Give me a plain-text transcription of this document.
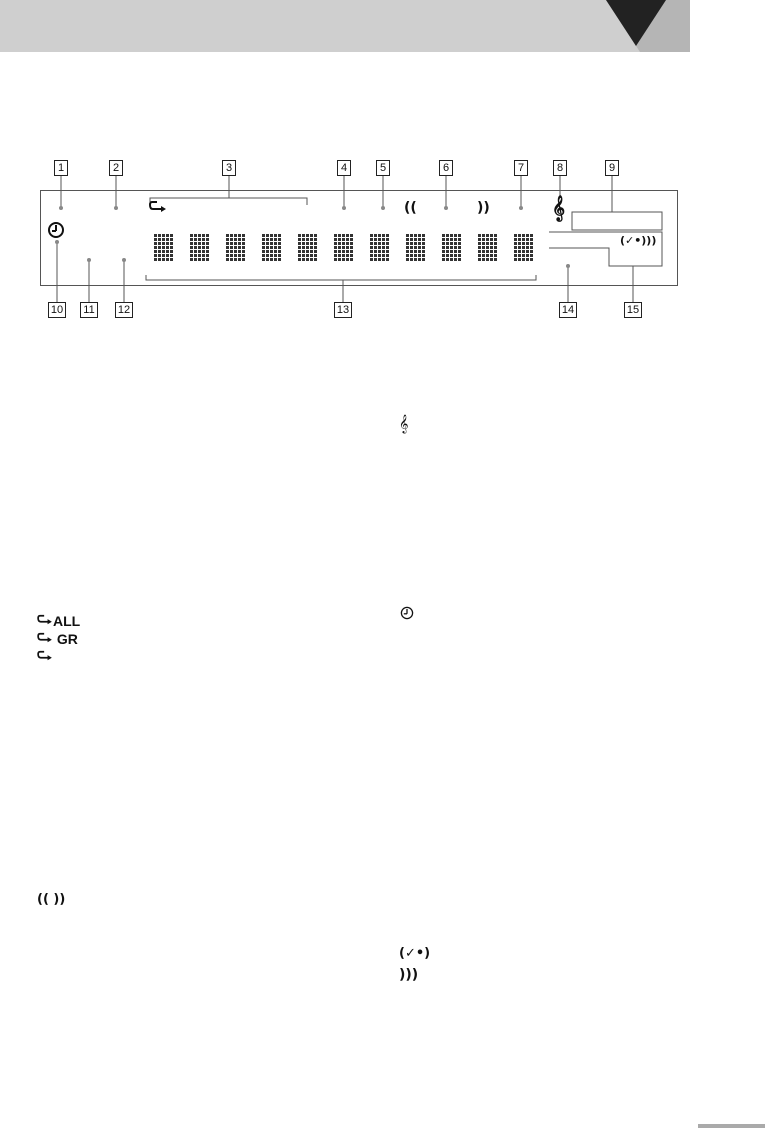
1	2	3	4	5	6	7	8	9
((	))	𝄞
(✓•)))
10 11 12	13	14	15
𝄞
ALL
GR
(( ))
(✓•)
)))
